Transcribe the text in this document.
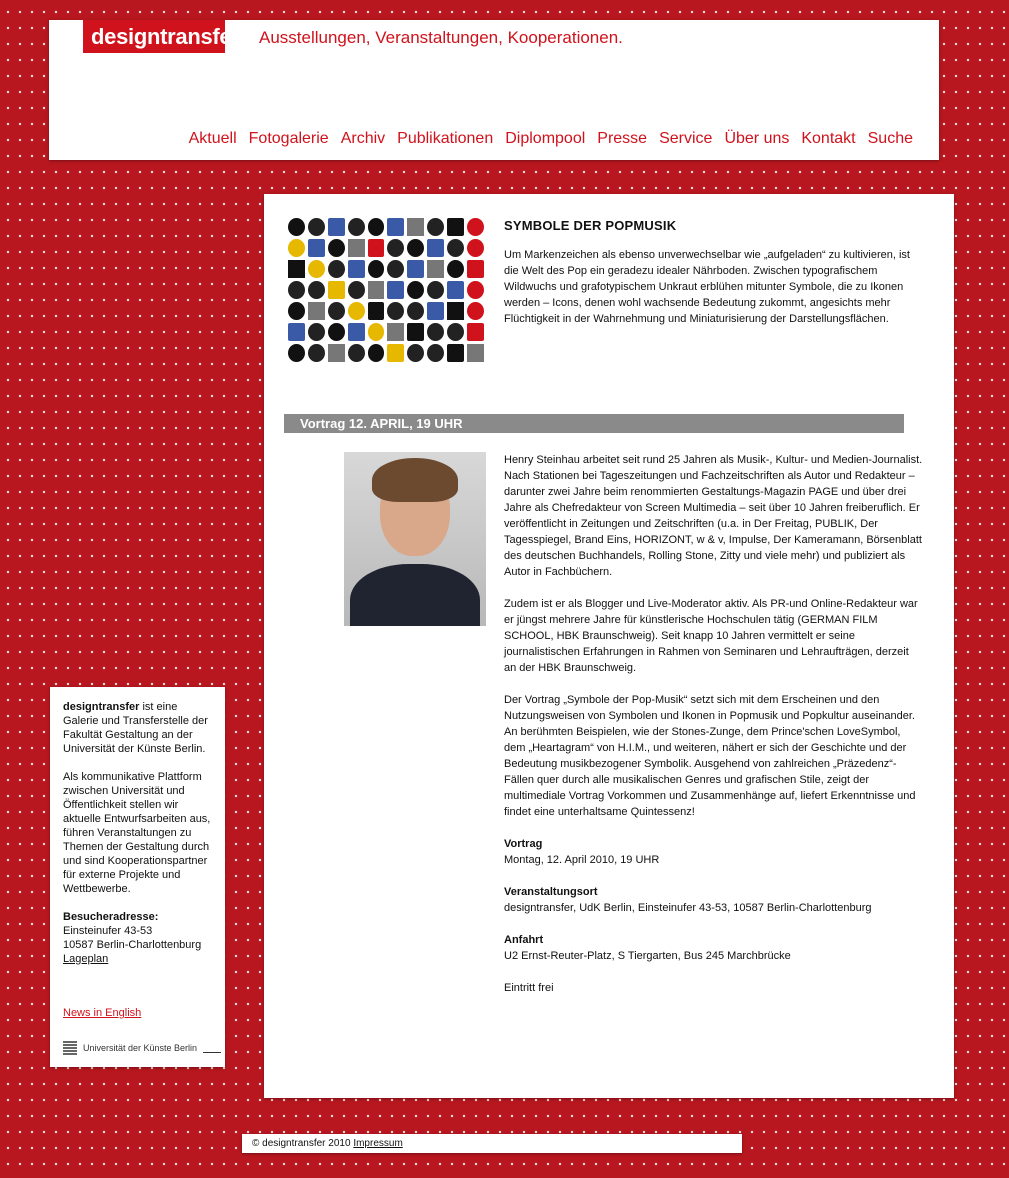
designtransfer :
Ausstellungen, Veranstaltungen, Kooperationen.
Aktuell Fotogalerie Archiv Publikationen Diplompool Presse Service Über uns Kontakt Suche
SYMBOLE DER POPMUSIK
Um Markenzeichen als ebenso unverwechselbar wie „aufgeladen“ zu kultivieren, ist die Welt des Pop ein geradezu idealer Nährboden. Zwischen typografischem Wildwuchs und grafotypischem Unkraut erblühen mitunter Symbole, die zu Ikonen werden – Icons, denen wohl wachsende Bedeutung zukommt, angesichts mehr Flüchtigkeit in der Wahrnehmung und Miniaturisierung der Darstellungsflächen.
Vortrag 12. APRIL, 19 UHR

Henry Steinhau arbeitet seit rund 25 Jahren als Musik-, Kultur- und Medien-Journalist. Nach Stationen bei Tageszeitungen und Fachzeitschriften als Autor und Redakteur – darunter zwei Jahre beim renommierten Gestaltungs-Magazin PAGE und über drei Jahre als Chefredakteur von Screen Multimedia – seit über 10 Jahren freiberuflich. Er veröffentlicht in Zeitungen und Zeitschriften (u.a. in Der Freitag, PUBLIK, Der Tagesspiegel, Brand Eins, HORIZONT, w & v, Impulse, Der Kameramann, Börsenblatt des deutschen Buchhandels, Rolling Stone, Zitty und viele mehr) und publiziert als Autor in Fachbüchern.

Zudem ist er als Blogger und Live-Moderator aktiv. Als PR-und Online-Redakteur war er jüngst mehrere Jahre für künstlerische Hochschulen tätig (GERMAN FILM SCHOOL, HBK Braunschweig). Seit knapp 10 Jahren vermittelt er seine journalistischen Erfahrungen in Rahmen von Seminaren und Lehraufträgen, derzeit an der HBK Braunschweig.

Der Vortrag „Symbole der Pop-Musik“ setzt sich mit dem Erscheinen und den Nutzungsweisen von Symbolen und Ikonen in Popmusik und Popkultur auseinander. An berühmten Beispielen, wie der Stones-Zunge, dem Prince'schen LoveSymbol, dem „Heartagram“ von H.I.M., und weiteren, nähert er sich der Geschichte und der Bedeutung musikbezogener Symbolik. Ausgehend von zahlreichen „Präzedenz“-Fällen quer durch alle musikalischen Genres und grafischen Stile, zeigt der multimediale Vortrag Vorkommen und Zusammenhänge auf, liefert Erkenntnisse und findet eine unterhaltsame Quintessenz!

Vortrag
Montag, 12. April 2010, 19 UHR

Veranstaltungsort
designtransfer, UdK Berlin, Einsteinufer 43-53, 10587 Berlin-Charlottenburg

Anfahrt
U2 Ernst-Reuter-Platz, S Tiergarten, Bus 245 Marchbrücke

Eintritt frei

designtransfer ist eine Galerie und Transferstelle der Fakultät Gestaltung an der Universität der Künste Berlin.

Als kommunikative Plattform zwischen Universität und Öffentlichkeit stellen wir aktuelle Entwurfsarbeiten aus, führen Veranstaltungen zu Themen der Gestaltung durch und sind Kooperationspartner für externe Projekte und Wettbewerbe.

Besucheradresse:
Einsteinufer 43-53
10587 Berlin-Charlottenburg
Lageplan

News in English

Universität der Künste Berlin
© designtransfer 2010 Impressum
